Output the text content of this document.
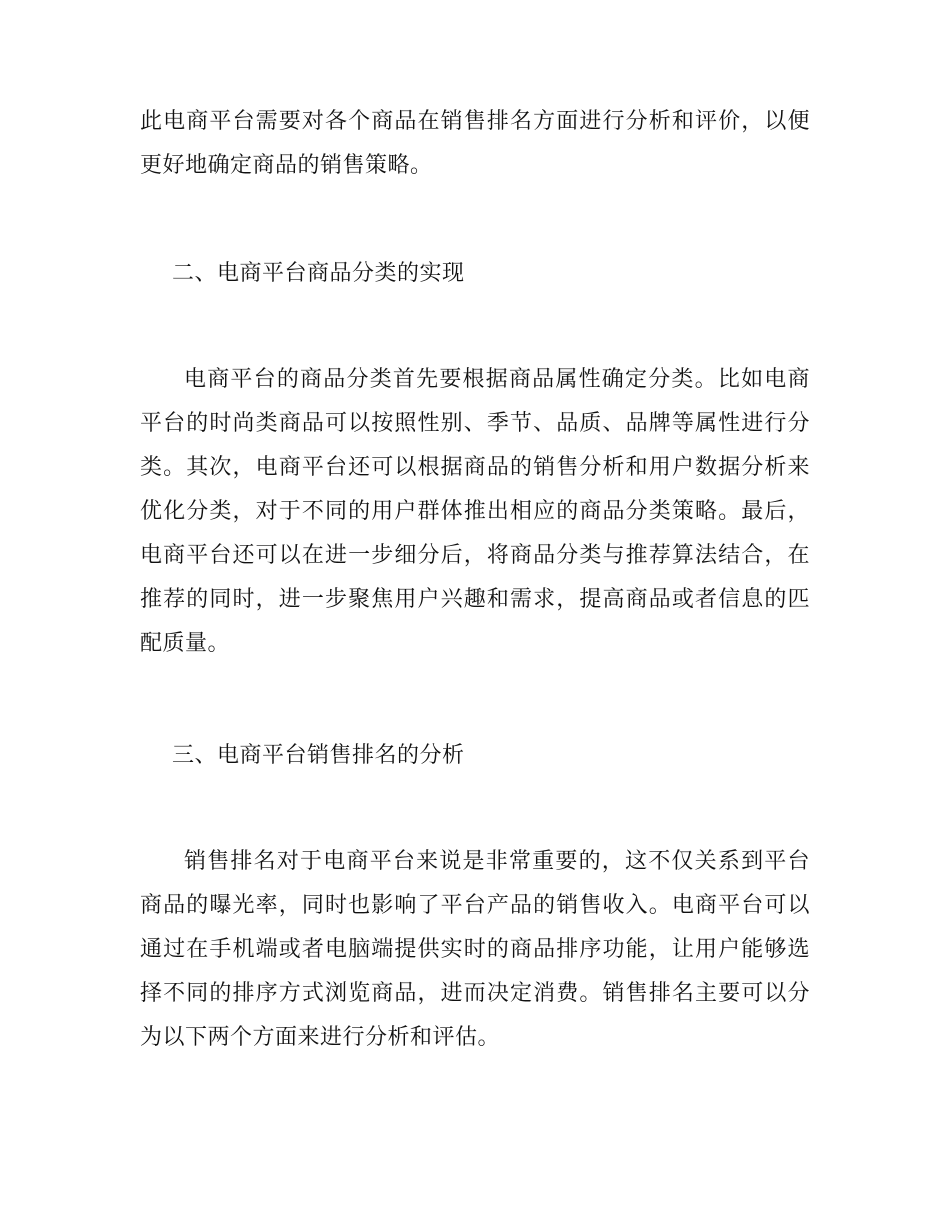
此电商平台需要对各个商品在销售排名方面进行分析和评价，以便更好地确定商品的销售策略。

二、电商平台商品分类的实现

电商平台的商品分类首先要根据商品属性确定分类。比如电商平台的时尚类商品可以按照性别、季节、品质、品牌等属性进行分类。其次，电商平台还可以根据商品的销售分析和用户数据分析来优化分类，对于不同的用户群体推出相应的商品分类策略。最后，电商平台还可以在进一步细分后，将商品分类与推荐算法结合，在推荐的同时，进一步聚焦用户兴趣和需求，提高商品或者信息的匹配质量。

三、电商平台销售排名的分析

销售排名对于电商平台来说是非常重要的，这不仅关系到平台商品的曝光率，同时也影响了平台产品的销售收入。电商平台可以通过在手机端或者电脑端提供实时的商品排序功能，让用户能够选择不同的排序方式浏览商品，进而决定消费。销售排名主要可以分为以下两个方面来进行分析和评估。
